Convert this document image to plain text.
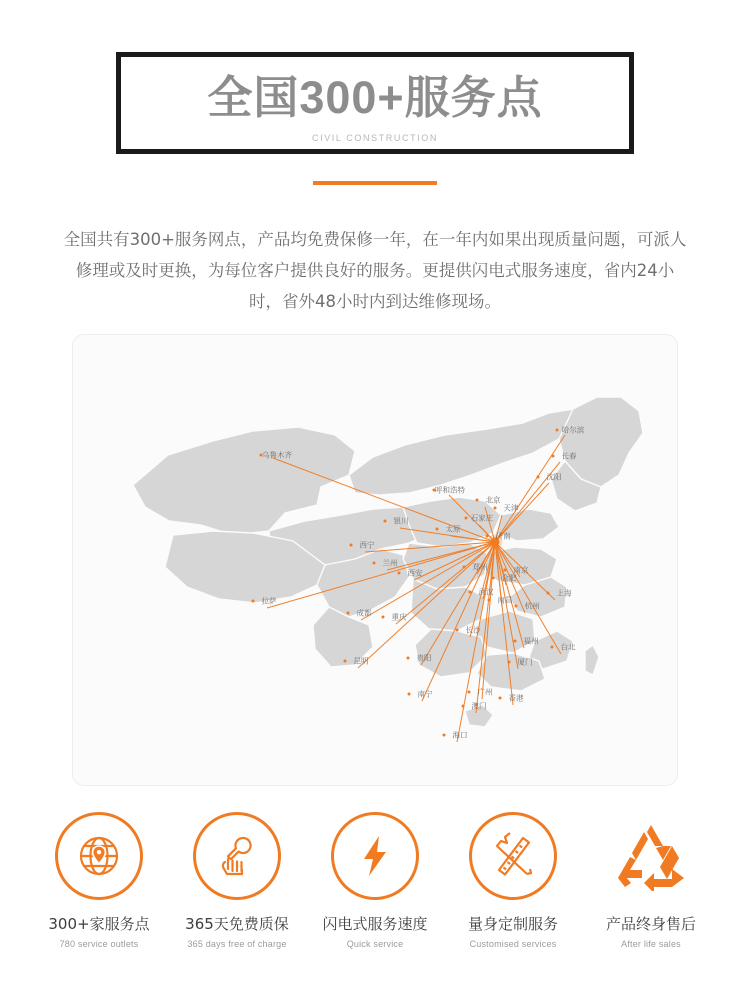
全国300+服务点
CIVIL CONSTRUCTION
全国共有300+服务网点，产品均免费保修一年，在一年内如果出现质量问题，可派人修理或及时更换，为每位客户提供良好的服务。更提供闪电式服务速度，省内24小时，省外48小时内到达维修现场。
哈尔滨
长春
沈阳
乌鲁木齐
呼和浩特
北京
天津
石家庄
银川
太原
济南
西宁
兰州	郑州
西安
合肥
南京
上海
拉萨
武汉
成都	重庆
南昌
杭州
长沙
贵阳
福州
台北
厦门
昆明
南宁	广州
香港
澳门
海口
300+家服务点
780 service outlets
365天免费质保
365 days free of charge
闪电式服务速度
Quick service
量身定制服务
Customised services
产品终身售后
After life sales
